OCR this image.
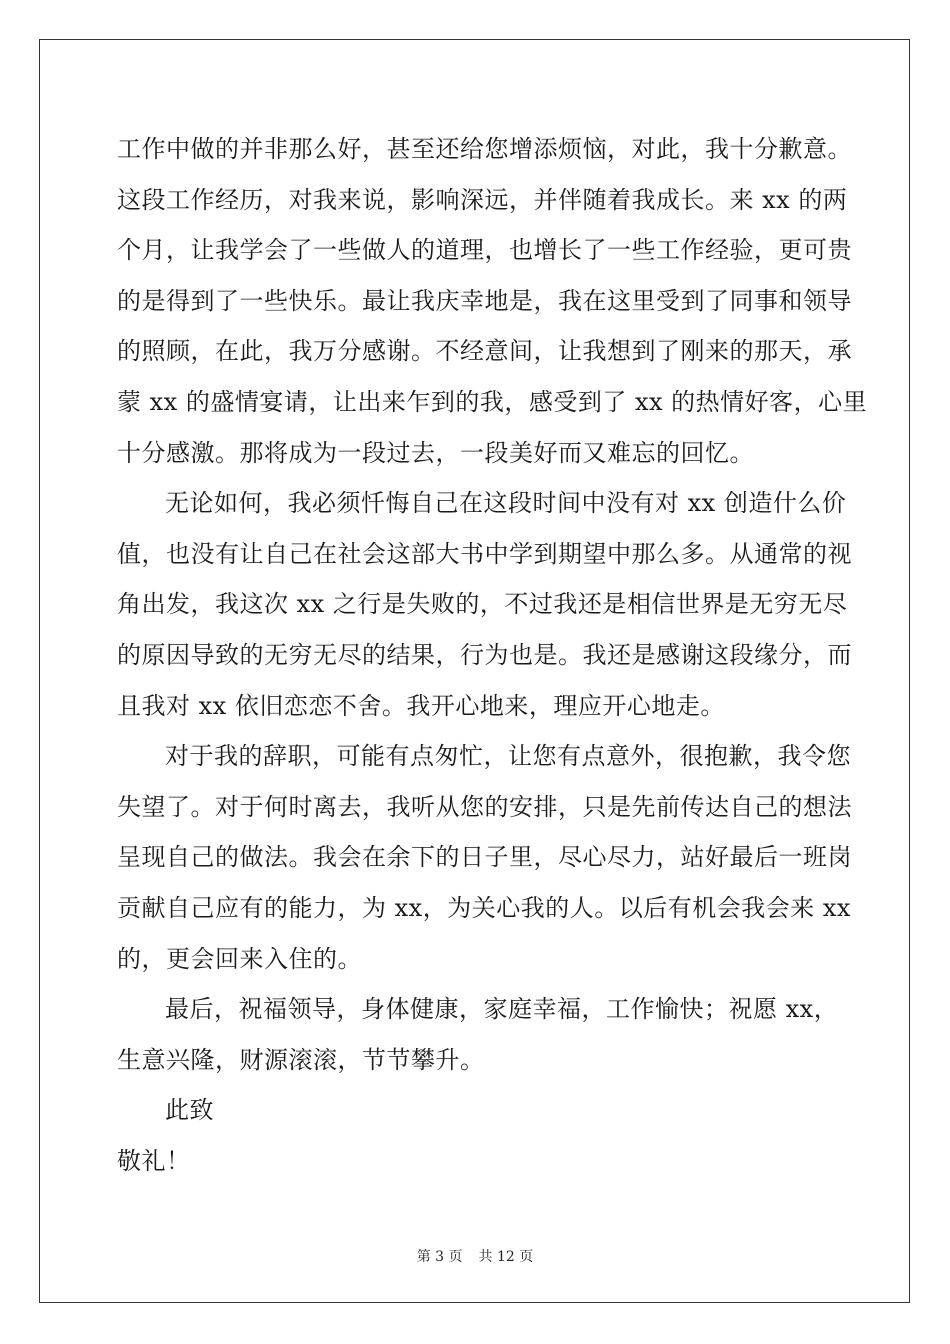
工作中做的并非那么好，甚至还给您增添烦恼，对此，我十分歉意。
这段工作经历，对我来说，影响深远，并伴随着我成长。来 xx 的两
个月，让我学会了一些做人的道理，也增长了一些工作经验，更可贵
的是得到了一些快乐。最让我庆幸地是，我在这里受到了同事和领导
的照顾，在此，我万分感谢。不经意间，让我想到了刚来的那天，承
蒙 xx 的盛情宴请，让出来乍到的我，感受到了 xx 的热情好客，心里
十分感激。那将成为一段过去，一段美好而又难忘的回忆。
无论如何，我必须忏悔自己在这段时间中没有对 xx 创造什么价
值，也没有让自己在社会这部大书中学到期望中那么多。从通常的视
角出发，我这次 xx 之行是失败的，不过我还是相信世界是无穷无尽
的原因导致的无穷无尽的结果，行为也是。我还是感谢这段缘分，而
且我对 xx 依旧恋恋不舍。我开心地来，理应开心地走。
对于我的辞职，可能有点匆忙，让您有点意外，很抱歉，我令您
失望了。对于何时离去，我听从您的安排，只是先前传达自己的想法
呈现自己的做法。我会在余下的日子里，尽心尽力，站好最后一班岗
贡献自己应有的能力，为 xx，为关心我的人。以后有机会我会来 xx
的，更会回来入住的。
最后，祝福领导，身体健康，家庭幸福，工作愉快；祝愿 xx，
生意兴隆，财源滚滚，节节攀升。
此致
敬礼！
第 3 页 共 12 页
